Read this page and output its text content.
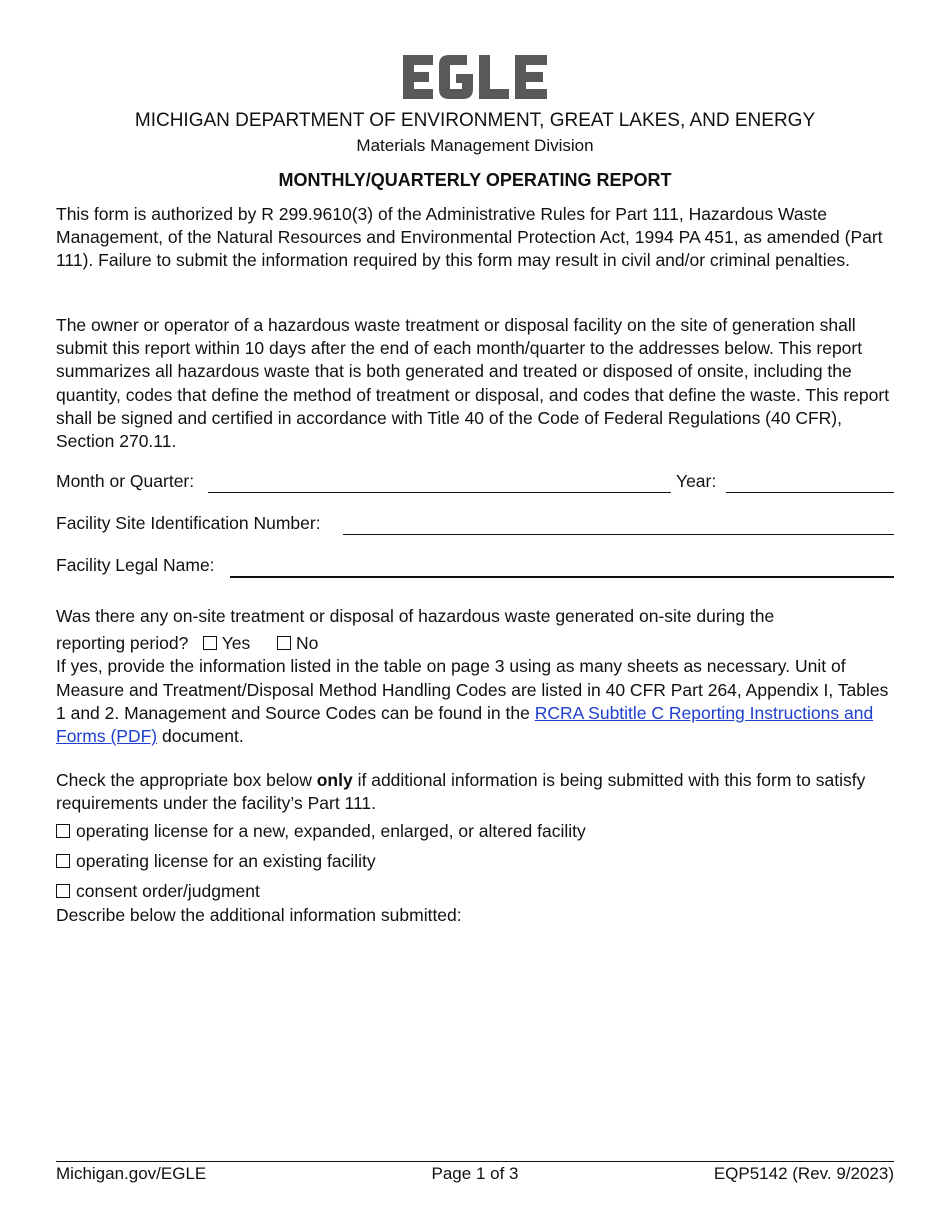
MICHIGAN DEPARTMENT OF ENVIRONMENT, GREAT LAKES, AND ENERGY
Materials Management Division
MONTHLY/QUARTERLY OPERATING REPORT

This form is authorized by R 299.9610(3) of the Administrative Rules for Part 111, Hazardous Waste Management, of the Natural Resources and Environmental Protection Act, 1994 PA 451, as amended (Part 111). Failure to submit the information required by this form may result in civil and/or criminal penalties.

The owner or operator of a hazardous waste treatment or disposal facility on the site of generation shall submit this report within 10 days after the end of each month/quarter to the addresses below. This report summarizes all hazardous waste that is both generated and treated or disposed of onsite, including the quantity, codes that define the method of treatment or disposal, and codes that define the waste. This report shall be signed and certified in accordance with Title 40 of the Code of Federal Regulations (40 CFR), Section 270.11.

Month or Quarter:	Year:
Facility Site Identification Number:
Facility Legal Name:
Was there any on-site treatment or disposal of hazardous waste generated on-site during the
reporting period? Yes	No
If yes, provide the information listed in the table on page 3 using as many sheets as necessary. Unit of Measure and Treatment/Disposal Method Handling Codes are listed in 40 CFR Part 264, Appendix I, Tables 1 and 2. Management and Source Codes can be found in the RCRA Subtitle C Reporting Instructions and Forms (PDF) document.
Check the appropriate box below only if additional information is being submitted with this form to satisfy requirements under the facility’s Part 111.
operating license for a new, expanded, enlarged, or altered facility
operating license for an existing facility
consent order/judgment
Describe below the additional information submitted:
Michigan.gov/EGLE	Page 1 of 3	EQP5142 (Rev. 9/2023)
